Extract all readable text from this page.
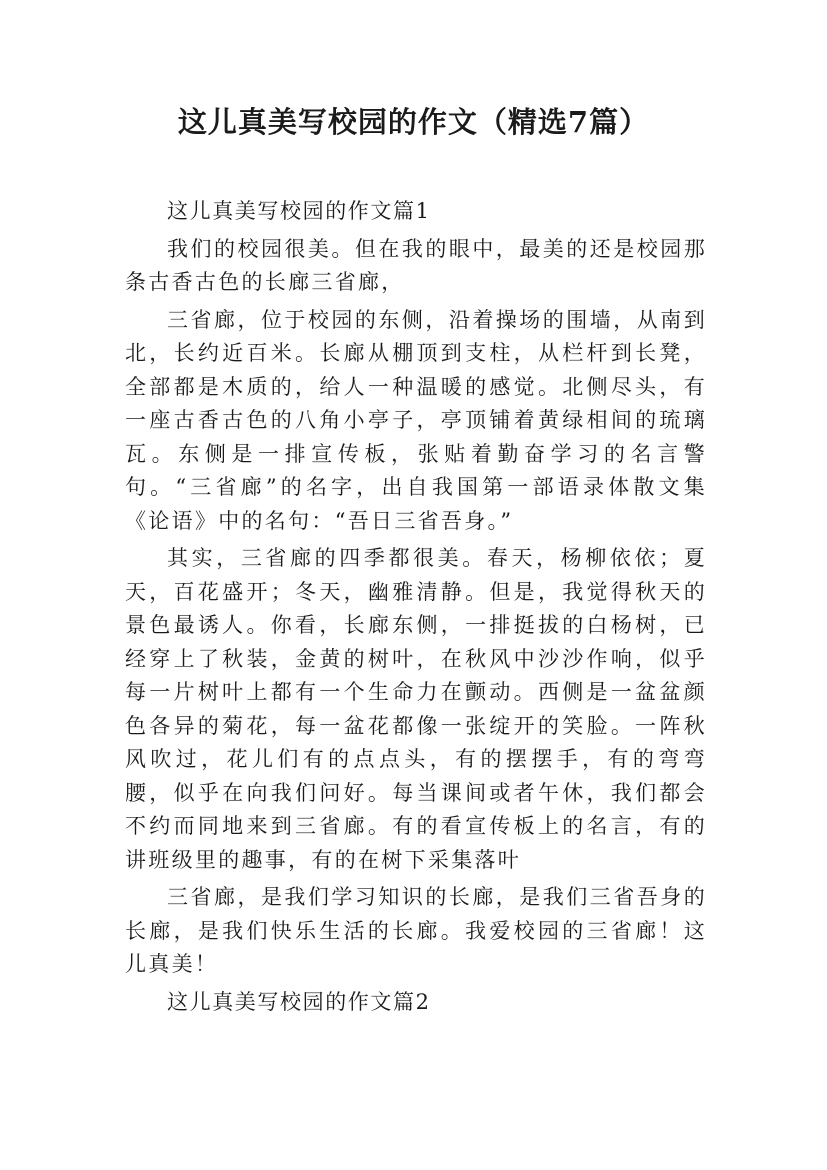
这儿真美写校园的作文（精选7篇）

这儿真美写校园的作文篇1

我们的校园很美。但在我的眼中，最美的还是校园那条古香古色的长廊三省廊，

三省廊，位于校园的东侧，沿着操场的围墙，从南到北，长约近百米。长廊从棚顶到支柱，从栏杆到长凳，全部都是木质的，给人一种温暖的感觉。北侧尽头，有一座古香古色的八角小亭子，亭顶铺着黄绿相间的琉璃瓦。东侧是一排宣传板，张贴着勤奋学习的名言警句。“三省廊”的名字，出自我国第一部语录体散文集《论语》中的名句：“吾日三省吾身。”

其实，三省廊的四季都很美。春天，杨柳依依；夏天，百花盛开；冬天，幽雅清静。但是，我觉得秋天的景色最诱人。你看，长廊东侧，一排挺拔的白杨树，已经穿上了秋装，金黄的树叶，在秋风中沙沙作响，似乎每一片树叶上都有一个生命力在颤动。西侧是一盆盆颜色各异的菊花，每一盆花都像一张绽开的笑脸。一阵秋风吹过，花儿们有的点点头，有的摆摆手，有的弯弯腰，似乎在向我们问好。每当课间或者午休，我们都会不约而同地来到三省廊。有的看宣传板上的名言，有的讲班级里的趣事，有的在树下采集落叶

三省廊，是我们学习知识的长廊，是我们三省吾身的长廊，是我们快乐生活的长廊。我爱校园的三省廊！这儿真美！

这儿真美写校园的作文篇2
